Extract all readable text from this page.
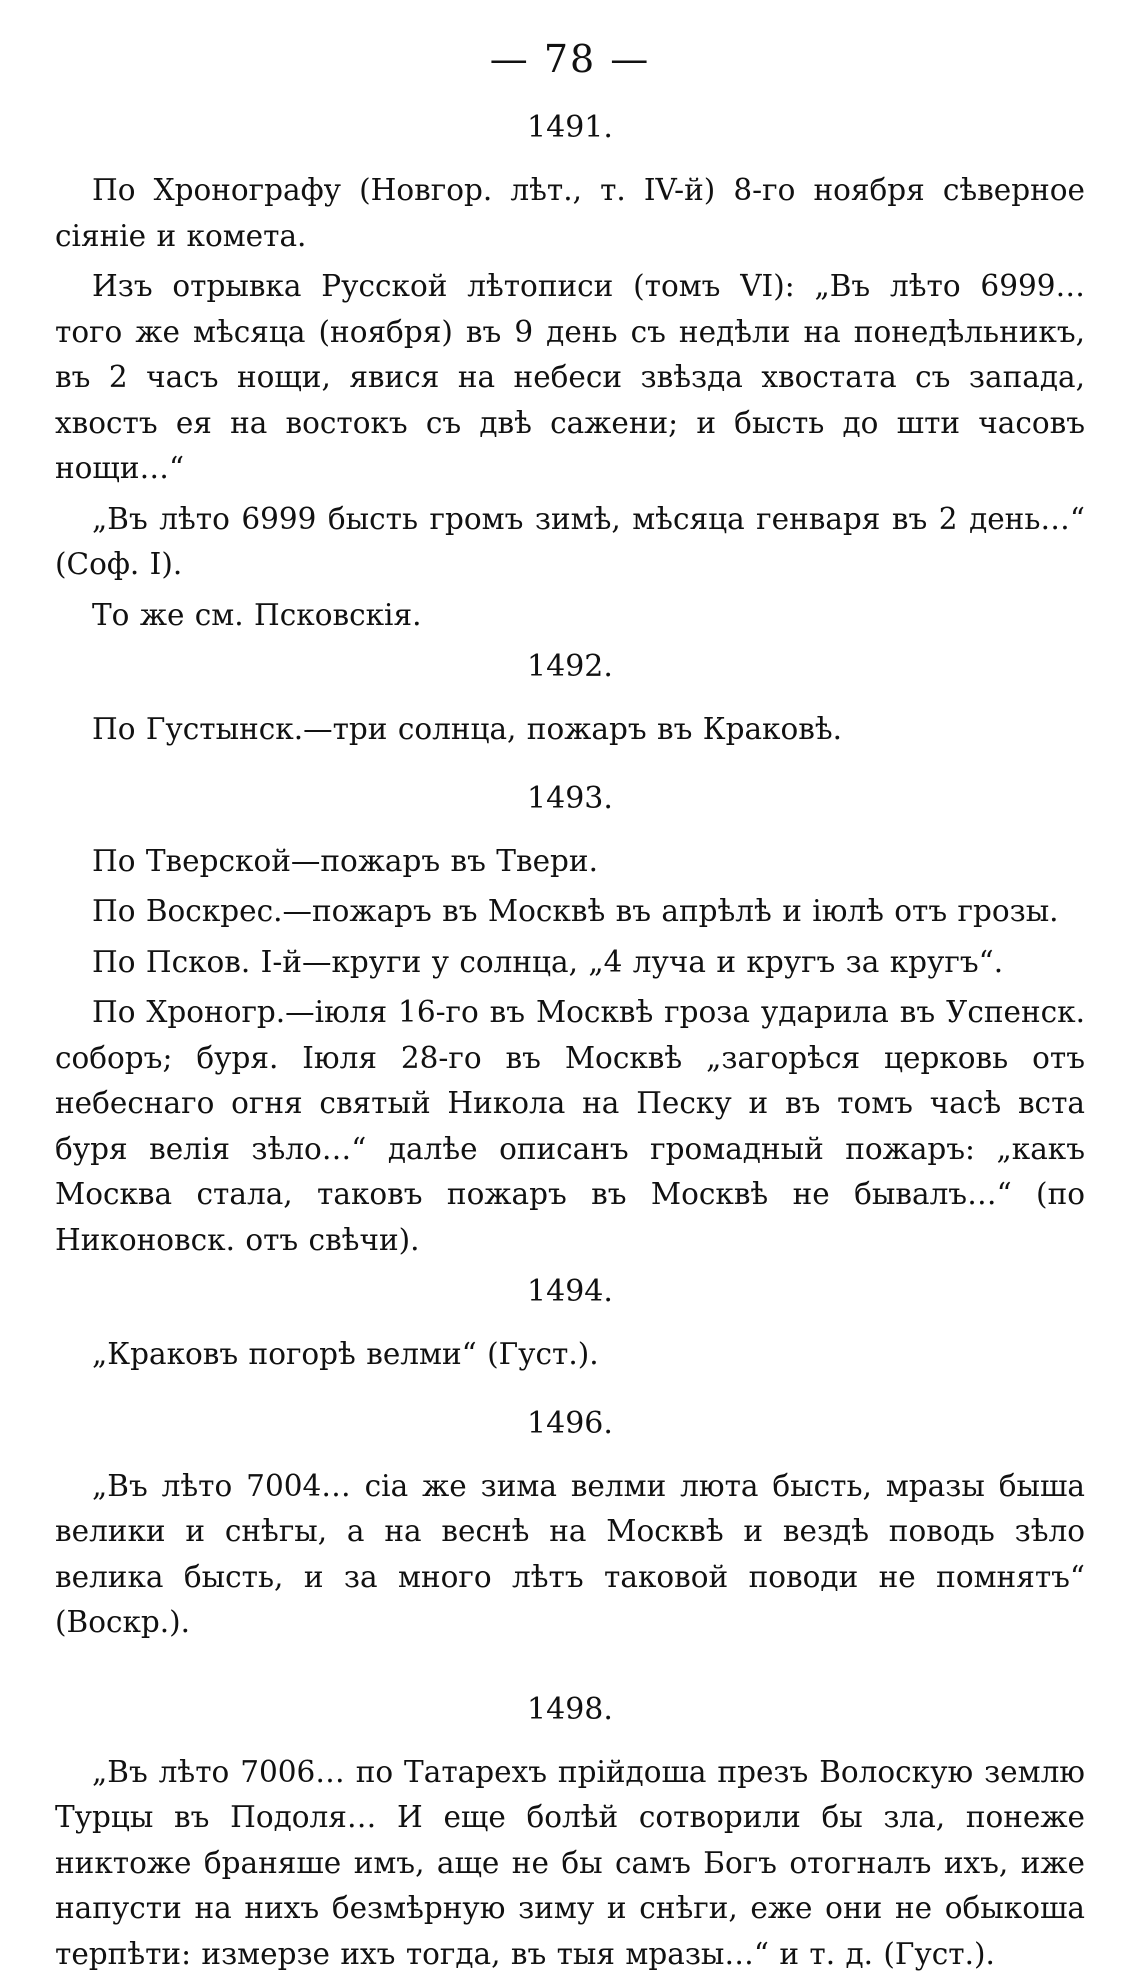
— 78 —
1491.

По Хронографу (Новгор. лѣт., т. IV-й) 8-го ноября сѣверное сіяніе и комета.

Изъ отрывка Русской лѣтописи (томъ VI): „Въ лѣто 6999… того же мѣсяца (ноября) въ 9 день съ недѣли на понедѣльникъ, въ 2 часъ нощи, явися на небеси звѣзда хвостата съ запада, хвостъ ея на востокъ съ двѣ сажени; и бысть до шти часовъ нощи…“

„Въ лѣто 6999 бысть громъ зимѣ, мѣсяца генваря въ 2 день…“ (Соф. I).

То же см. Псковскія.

1492.

По Густынск.—три солнца, пожаръ въ Краковѣ.

1493.

По Тверской—пожаръ въ Твери.

По Воскрес.—пожаръ въ Москвѣ въ апрѣлѣ и іюлѣ отъ грозы.

По Псков. I-й—круги у солнца, „4 луча и кругъ за кругъ“.

По Хроногр.—іюля 16-го въ Москвѣ гроза ударила въ Успенск. соборъ; буря. Іюля 28-го въ Москвѣ „загорѣся церковь отъ небеснаго огня святый Никола на Песку и въ томъ часѣ вста буря велія зѣло…“ далѣе описанъ громадный пожаръ: „какъ Москва стала, таковъ пожаръ въ Москвѣ не бывалъ…“ (по Никоновск. отъ свѣчи).

1494.

„Краковъ погорѣ велми“ (Густ.).

1496.

„Въ лѣто 7004… сіа же зима велми люта бысть, мразы быша велики и снѣгы, а на веснѣ на Москвѣ и вездѣ поводь зѣло велика бысть, и за много лѣтъ таковой поводи не помнятъ“ (Воскр.).

1498.

„Въ лѣто 7006… по Татарехъ прійдоша презъ Волоскую землю Турцы въ Подоля… И еще болѣй сотворили бы зла, понеже никтоже браняше имъ, аще не бы самъ Богъ отогналъ ихъ, иже напусти на нихъ безмѣрную зиму и снѣги, еже они не обыкоша терпѣти: измерзе ихъ тогда, въ тыя мразы…“ и т. д. (Густ.).
